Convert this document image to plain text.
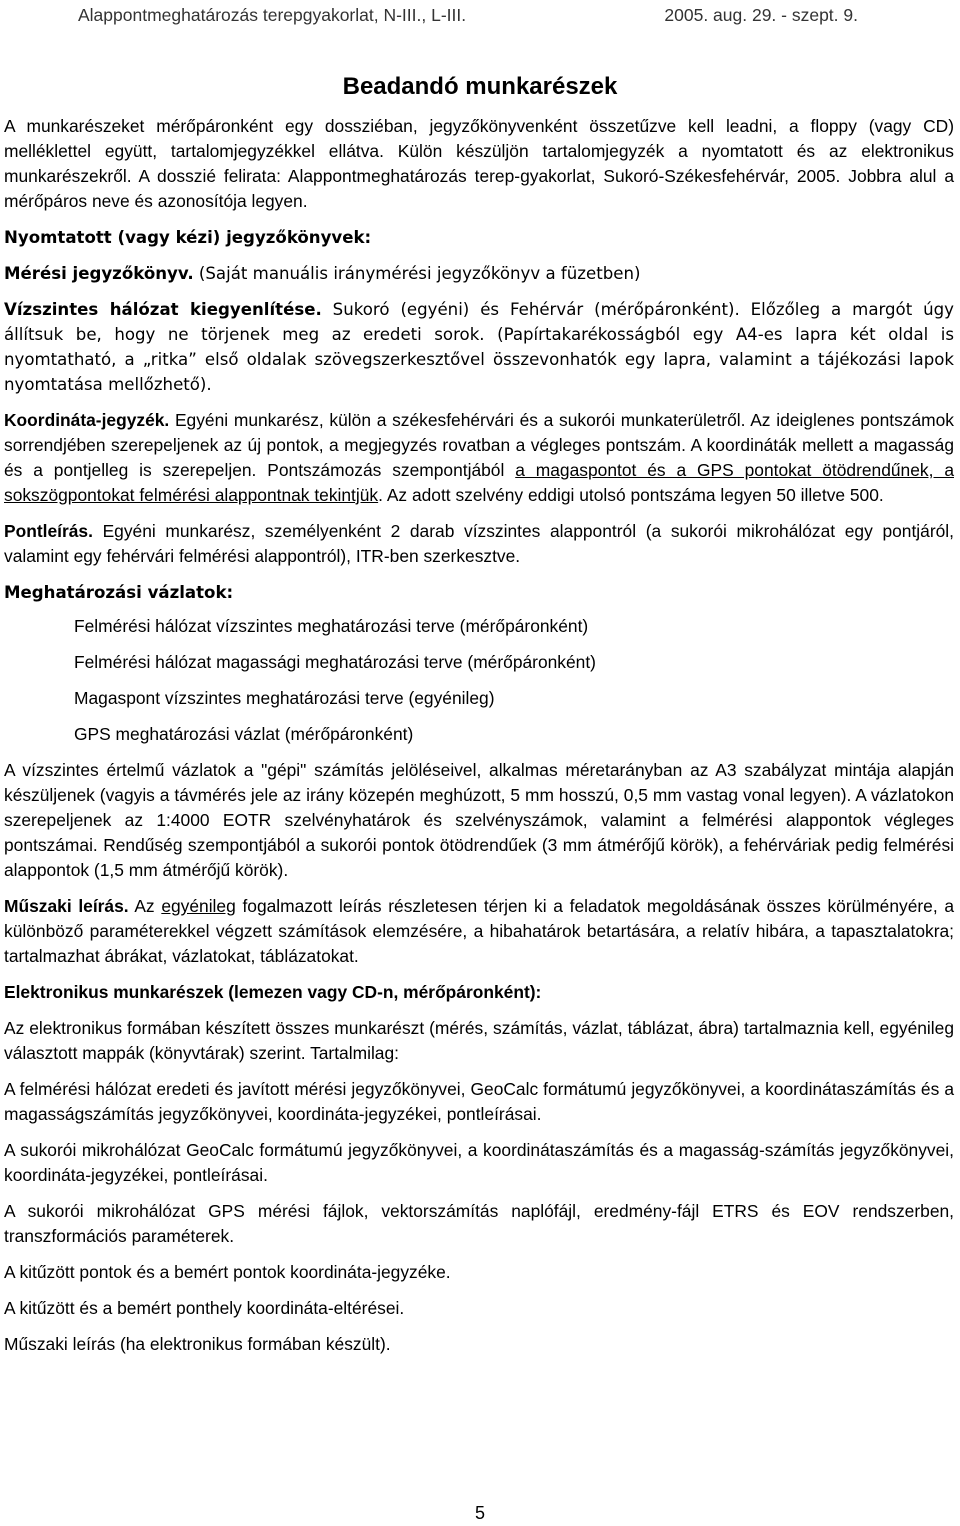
Alappontmeghatározás terepgyakorlat, N-III., L-III.	2005. aug. 29. - szept. 9.
Beadandó munkarészek

A munkarészeket mérőpáronként egy dossziéban, jegyzőkönyvenként összetűzve kell leadni, a floppy (vagy CD) melléklettel együtt, tartalomjegyzékkel ellátva. Külön készüljön tartalomjegyzék a nyomtatott és az elektronikus munkarészekről. A dosszié felirata: Alappontmeghatározás terep-gyakorlat, Sukoró-Székesfehérvár, 2005. Jobbra alul a mérőpáros neve és azonosítója legyen.

Nyomtatott (vagy kézi) jegyzőkönyvek:

Mérési jegyzőkönyv. (Saját manuális iránymérési jegyzőkönyv a füzetben)

Vízszintes hálózat kiegyenlítése. Sukoró (egyéni) és Fehérvár (mérőpáronként). Előzőleg a margót úgy állítsuk be, hogy ne törjenek meg az eredeti sorok. (Papírtakarékosságból egy A4-es lapra két oldal is nyomtatható, a „ritka” első oldalak szövegszerkesztővel összevonhatók egy lapra, valamint a tájékozási lapok nyomtatása mellőzhető).

Koordináta-jegyzék. Egyéni munkarész, külön a székesfehérvári és a sukorói munkaterületről. Az ideiglenes pontszámok sorrendjében szerepeljenek az új pontok, a megjegyzés rovatban a végleges pontszám. A koordináták mellett a magasság és a pontjelleg is szerepeljen. Pontszámozás szempontjából a magaspontot és a GPS pontokat ötödrendűnek, a sokszögpontokat felmérési alappontnak tekintjük. Az adott szelvény eddigi utolsó pontszáma legyen 50 illetve 500.

Pontleírás. Egyéni munkarész, személyenként 2 darab vízszintes alappontról (a sukorói mikrohálózat egy pontjáról, valamint egy fehérvári felmérési alappontról), ITR-ben szerkesztve.

Meghatározási vázlatok:

Felmérési hálózat vízszintes meghatározási terve (mérőpáronként)
Felmérési hálózat magassági meghatározási terve (mérőpáronként)
Magaspont vízszintes meghatározási terve (egyénileg)
GPS meghatározási vázlat (mérőpáronként)

A vízszintes értelmű vázlatok a "gépi" számítás jelöléseivel, alkalmas méretarányban az A3 szabályzat mintája alapján készüljenek (vagyis a távmérés jele az irány közepén meghúzott, 5 mm hosszú, 0,5 mm vastag vonal legyen). A vázlatokon szerepeljenek az 1:4000 EOTR szelvényhatárok és szelvényszámok, valamint a felmérési alappontok végleges pontszámai. Rendűség szempontjából a sukorói pontok ötödrendűek (3 mm átmérőjű körök), a fehérváriak pedig felmérési alappontok (1,5 mm átmérőjű körök).

Műszaki leírás. Az egyénileg fogalmazott leírás részletesen térjen ki a feladatok megoldásának összes körülményére, a különböző paraméterekkel végzett számítások elemzésére, a hibahatárok betartására, a relatív hibára, a tapasztalatokra; tartalmazhat ábrákat, vázlatokat, táblázatokat.

Elektronikus munkarészek (lemezen vagy CD-n, mérőpáronként):

Az elektronikus formában készített összes munkarészt (mérés, számítás, vázlat, táblázat, ábra) tartalmaznia kell, egyénileg választott mappák (könyvtárak) szerint. Tartalmilag:

A felmérési hálózat eredeti és javított mérési jegyzőkönyvei, GeoCalc formátumú jegyzőkönyvei, a koordinátaszámítás és a magasságszámítás jegyzőkönyvei, koordináta-jegyzékei, pontleírásai.

A sukorói mikrohálózat GeoCalc formátumú jegyzőkönyvei, a koordinátaszámítás és a magasság-számítás jegyzőkönyvei, koordináta-jegyzékei, pontleírásai.

A sukorói mikrohálózat GPS mérési fájlok, vektorszámítás naplófájl, eredmény-fájl ETRS és EOV rendszerben, transzformációs paraméterek.

A kitűzött pontok és a bemért pontok koordináta-jegyzéke.

A kitűzött és a bemért ponthely koordináta-eltérései.

Műszaki leírás (ha elektronikus formában készült).

5
